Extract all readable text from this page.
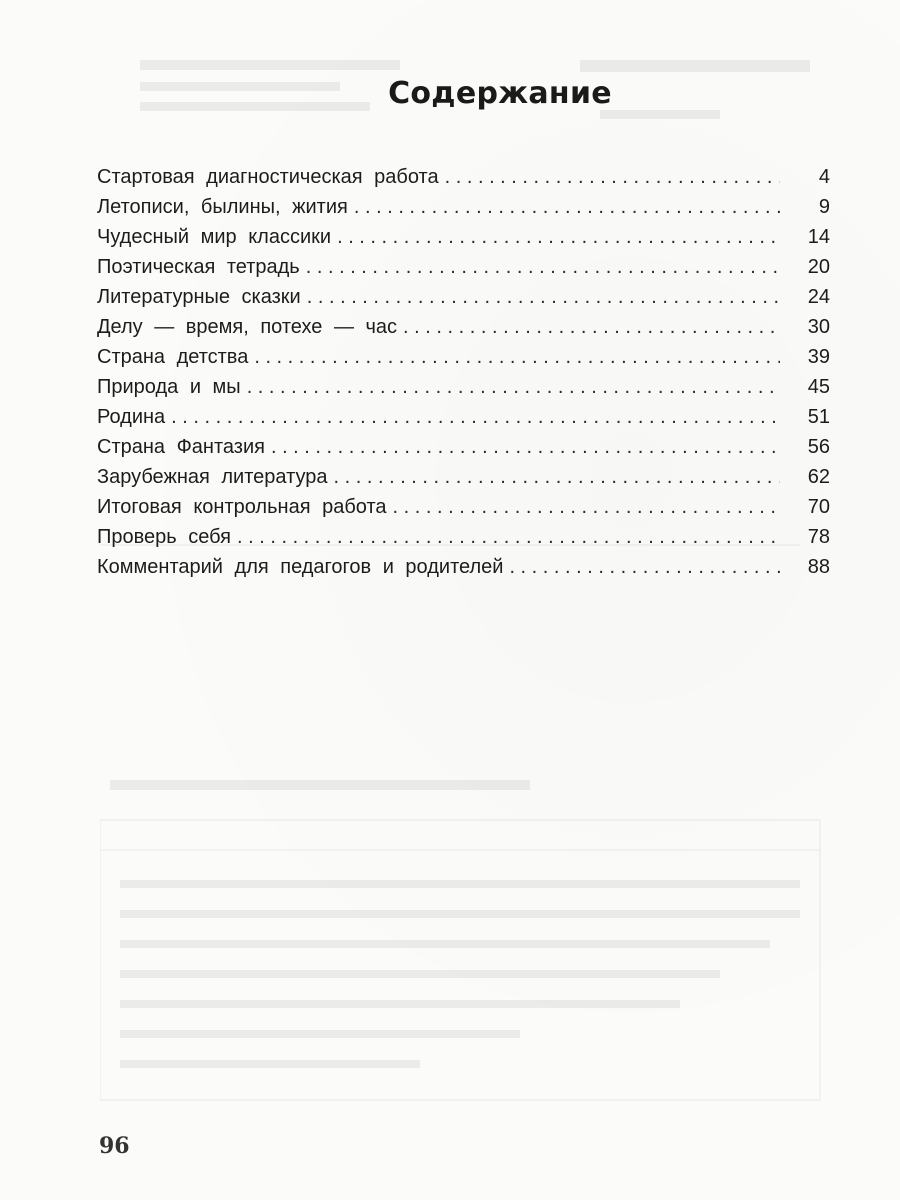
Содержание
Стартовая диагностическая работа . . .	4
Летописи, былины, жития . . .	9
Чудесный мир классики . . .	14
Поэтическая тетрадь . . .	20
Литературные сказки . . .	24
Делу — время, потехе — час . . .	30
Страна детства . . .	39
Природа и мы . . .	45
Родина . . .	51
Страна Фантазия . . .	56
Зарубежная литература . . .	62
Итоговая контрольная работа . . .	70
Проверь себя . . .	78
Комментарий для педагогов и родителей . . .	88
96
